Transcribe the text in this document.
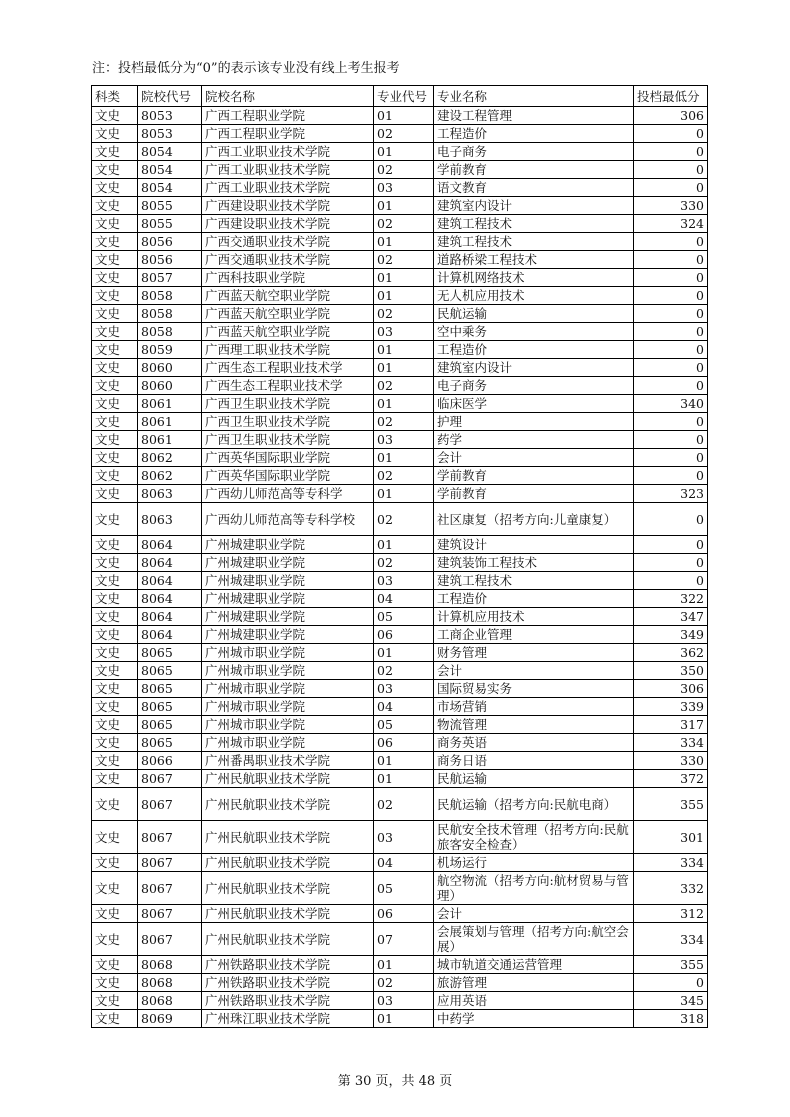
注：投档最低分为“0”的表示该专业没有线上考生报考
科类	院校代号	院校名称	专业代号	专业名称	投档最低分
文史	8053	广西工程职业学院	01	建设工程管理	306
文史	8053	广西工程职业学院	02	工程造价	0
文史	8054	广西工业职业技术学院	01	电子商务	0
文史	8054	广西工业职业技术学院	02	学前教育	0
文史	8054	广西工业职业技术学院	03	语文教育	0
文史	8055	广西建设职业技术学院	01	建筑室内设计	330
文史	8055	广西建设职业技术学院	02	建筑工程技术	324
文史	8056	广西交通职业技术学院	01	建筑工程技术	0
文史	8056	广西交通职业技术学院	02	道路桥梁工程技术	0
文史	8057	广西科技职业学院	01	计算机网络技术	0
文史	8058	广西蓝天航空职业学院	01	无人机应用技术	0
文史	8058	广西蓝天航空职业学院	02	民航运输	0
文史	8058	广西蓝天航空职业学院	03	空中乘务	0
文史	8059	广西理工职业技术学院	01	工程造价	0
文史	8060	广西生态工程职业技术学	01	建筑室内设计	0
文史	8060	广西生态工程职业技术学	02	电子商务	0
文史	8061	广西卫生职业技术学院	01	临床医学	340
文史	8061	广西卫生职业技术学院	02	护理	0
文史	8061	广西卫生职业技术学院	03	药学	0
文史	8062	广西英华国际职业学院	01	会计	0
文史	8062	广西英华国际职业学院	02	学前教育	0
文史	8063	广西幼儿师范高等专科学	01	学前教育	323
文史	8063	广西幼儿师范高等专科学校	02	社区康复（招考方向:儿童康复）	0
文史	8064	广州城建职业学院	01	建筑设计	0
文史	8064	广州城建职业学院	02	建筑装饰工程技术	0
文史	8064	广州城建职业学院	03	建筑工程技术	0
文史	8064	广州城建职业学院	04	工程造价	322
文史	8064	广州城建职业学院	05	计算机应用技术	347
文史	8064	广州城建职业学院	06	工商企业管理	349
文史	8065	广州城市职业学院	01	财务管理	362
文史	8065	广州城市职业学院	02	会计	350
文史	8065	广州城市职业学院	03	国际贸易实务	306
文史	8065	广州城市职业学院	04	市场营销	339
文史	8065	广州城市职业学院	05	物流管理	317
文史	8065	广州城市职业学院	06	商务英语	334
文史	8066	广州番禺职业技术学院	01	商务日语	330
文史	8067	广州民航职业技术学院	01	民航运输	372
文史	8067	广州民航职业技术学院	02	民航运输（招考方向:民航电商）	355
文史	8067	广州民航职业技术学院	03	民航安全技术管理（招考方向:民航旅客安全检查）	301
文史	8067	广州民航职业技术学院	04	机场运行	334
文史	8067	广州民航职业技术学院	05	航空物流（招考方向:航材贸易与管理）	332
文史	8067	广州民航职业技术学院	06	会计	312
文史	8067	广州民航职业技术学院	07	会展策划与管理（招考方向:航空会展）	334
文史	8068	广州铁路职业技术学院	01	城市轨道交通运营管理	355
文史	8068	广州铁路职业技术学院	02	旅游管理	0
文史	8068	广州铁路职业技术学院	03	应用英语	345
文史	8069	广州珠江职业技术学院	01	中药学	318
第 30 页，共 48 页
